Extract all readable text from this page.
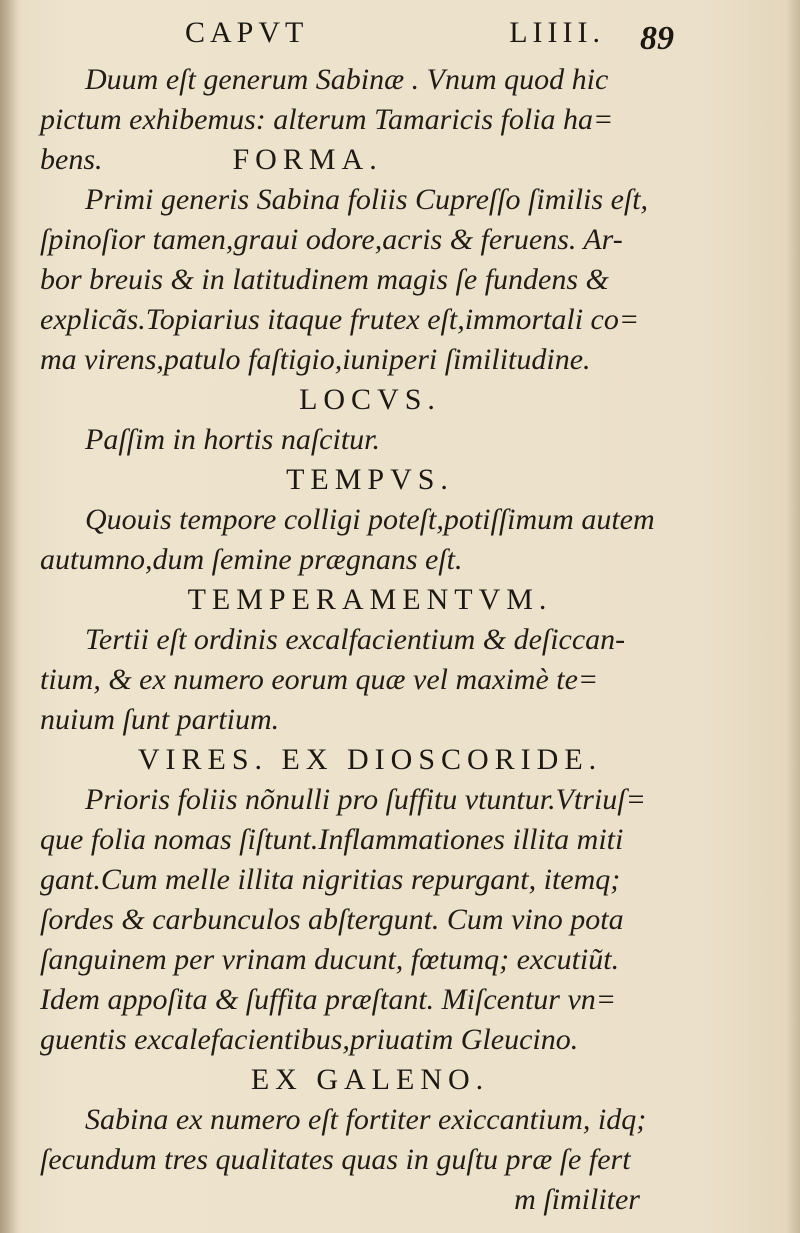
CAPVT	LIIII. 89
Duum eſt generum Sabinæ . Vnum quod hic
pictum exhibemus: alterum Tamaricis folia ha=
bens.	FORMA.
Primi generis Sabina foliis Cupreſſo ſimilis eſt,
ſpinoſior tamen,graui odore,acris & feruens. Ar-
bor breuis & in latitudinem magis ſe fundens &
explicãs.Topiarius itaque frutex eſt,immortali co=
ma virens,patulo faſtigio,iuniperi ſimilitudine.
LOCVS.
Paſſim in hortis naſcitur.
TEMPVS.
Quouis tempore colligi poteſt,potiſſimum autem
autumno,dum ſemine prægnans eſt.
TEMPERAMENTVM.
Tertii eſt ordinis excalfacientium & deſiccan-
tium, & ex numero eorum quæ vel maximè te=
nuium ſunt partium.
VIRES. EX DIOSCORIDE.
Prioris foliis nõnulli pro ſuffitu vtuntur.Vtriuſ=
que folia nomas ſiſtunt.Inflammationes illita miti
gant.Cum melle illita nigritias repurgant, itemq;
ſordes & carbunculos abſtergunt. Cum vino pota
ſanguinem per vrinam ducunt, fœtumq; excutiũt.
Idem appoſita & ſuffita præſtant. Miſcentur vn=
guentis excalefacientibus,priuatim Gleucino.
EX GALENO.
Sabina ex numero eſt fortiter exiccantium, idq;
ſecundum tres qualitates quas in guſtu præ ſe fert
m ſimiliter
